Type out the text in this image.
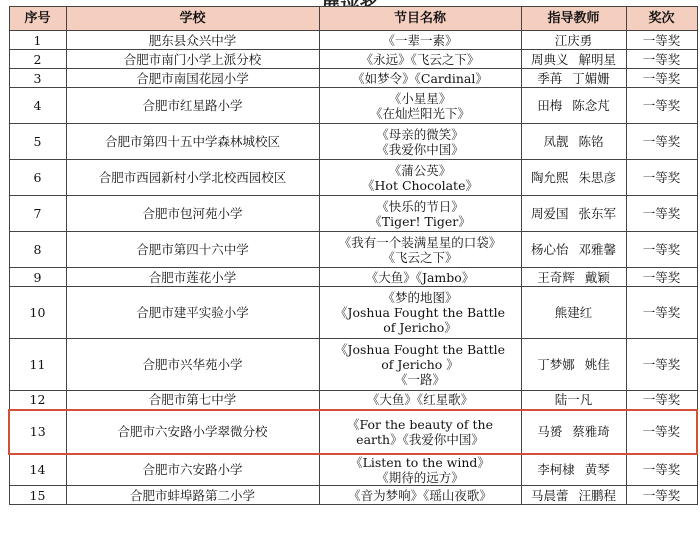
序号	学校	节目名称	指导教师	奖次
1	肥东县众兴中学	《一辈一素》	江庆勇	一等奖
2	合肥市南门小学上派分校	《永远》《飞云之下》	周典义 解明星	一等奖
3	合肥市南国花园小学	《如梦令》《Cardinal》	季苒 丁媚姗	一等奖
4	合肥市红星路小学	《小星星》
《在灿烂阳光下》	田梅 陈念芃	一等奖
5	合肥市第四十五中学森林城校区	《母亲的微笑》
《我爱你中国》	凤靓 陈铭	一等奖
6	合肥市西园新村小学北校西园校区	《蒲公英》
《Hot Chocolate》	陶允熙 朱思彦	一等奖
7	合肥市包河苑小学	《快乐的节日》
《Tiger! Tiger》	周爱国 张东军	一等奖
8	合肥市第四十六中学	《我有一个装满星星的口袋》
《飞云之下》	杨心怡 邓雅馨	一等奖
9	合肥市莲花小学	《大鱼》《Jambo》	王奇辉 戴颖	一等奖
10	合肥市建平实验小学	《梦的地图》
《Joshua Fought the Battle
of Jericho》	熊建红	一等奖
11	合肥市兴华苑小学	《Joshua Fought the Battle
of Jericho 》
《一路》	丁梦娜 姚佳	一等奖
12	合肥市第七中学	《大鱼》《红星歌》	陆一凡	一等奖
13	合肥市六安路小学翠微分校	《For the beauty of the
earth》《我爱你中国》	马赟 蔡雅琦	一等奖
14	合肥市六安路小学	《Listen to the wind》
《期待的远方》	李柯棣 黄琴	一等奖
15	合肥市蚌埠路第二小学	《音为梦响》《瑶山夜歌》	马晨蕾 汪鹏程	一等奖
